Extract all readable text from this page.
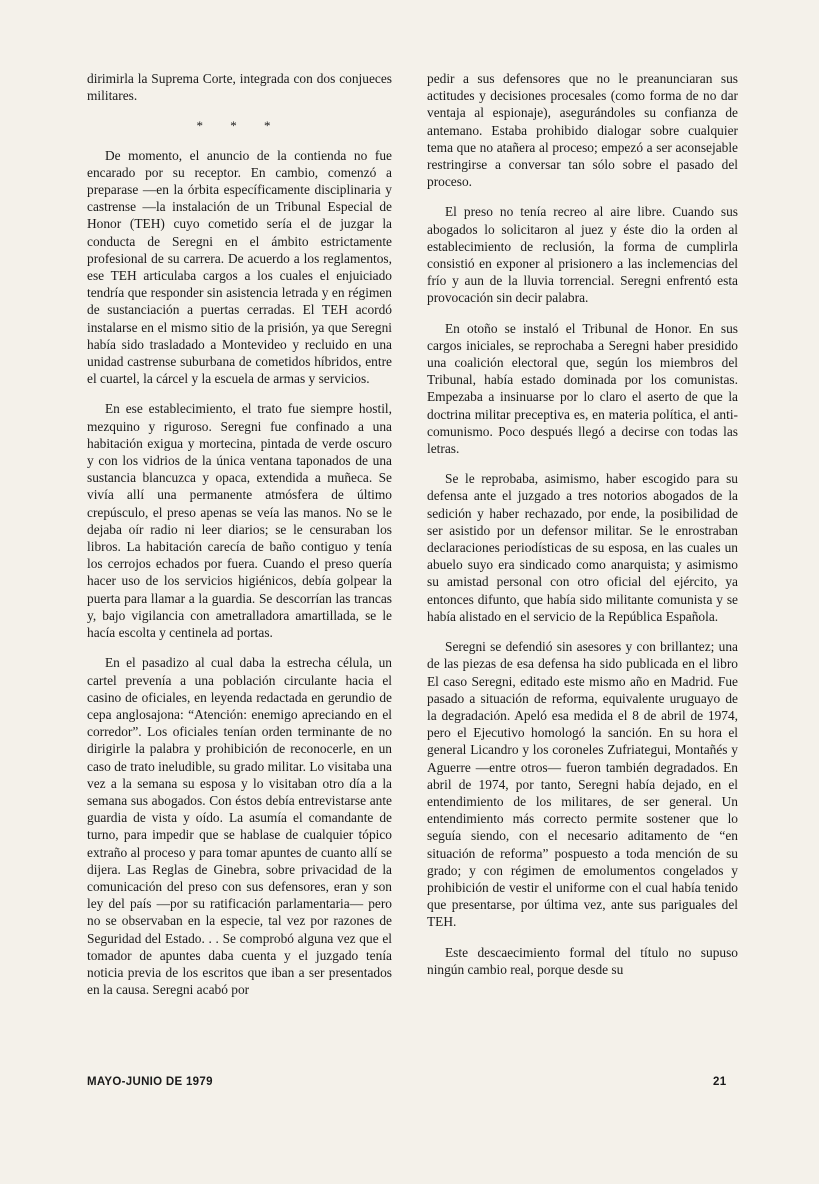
dirimirla la Suprema Corte, integrada con dos conjueces militares.

* * *

De momento, el anuncio de la contienda no fue encarado por su receptor. En cambio, comenzó a preparase —en la órbita específicamente disciplinaria y castrense —la instalación de un Tribunal Especial de Honor (TEH) cuyo cometido sería el de juzgar la conducta de Seregni en el ámbito estrictamente profesional de su carrera. De acuerdo a los reglamentos, ese TEH articulaba cargos a los cuales el enjuiciado tendría que responder sin asistencia letrada y en régimen de sustanciación a puertas cerradas. El TEH acordó instalarse en el mismo sitio de la prisión, ya que Seregni había sido trasladado a Montevideo y recluido en una unidad castrense suburbana de cometidos híbridos, entre el cuartel, la cárcel y la escuela de armas y servicios.

En ese establecimiento, el trato fue siempre hostil, mezquino y riguroso. Seregni fue confinado a una habitación exigua y mortecina, pintada de verde oscuro y con los vidrios de la única ventana taponados de una sustancia blancuzca y opaca, extendida a muñeca. Se vivía allí una permanente atmósfera de último crepúsculo, el preso apenas se veía las manos. No se le dejaba oír radio ni leer diarios; se le censuraban los libros. La habitación carecía de baño contiguo y tenía los cerrojos echados por fuera. Cuando el preso quería hacer uso de los servicios higiénicos, debía golpear la puerta para llamar a la guardia. Se descorrían las trancas y, bajo vigilancia con ametralladora amartillada, se le hacía escolta y centinela ad portas.

En el pasadizo al cual daba la estrecha célula, un cartel prevenía a una población circulante hacia el casino de oficiales, en leyenda redactada en gerundio de cepa anglosajona: “Atención: enemigo apreciando en el corredor”. Los oficiales tenían orden terminante de no dirigirle la palabra y prohibición de reconocerle, en un caso de trato ineludible, su grado militar. Lo visitaba una vez a la semana su esposa y lo visitaban otro día a la semana sus abogados. Con éstos debía entrevistarse ante guardia de vista y oído. La asumía el comandante de turno, para impedir que se hablase de cualquier tópico extraño al proceso y para tomar apuntes de cuanto allí se dijera. Las Reglas de Ginebra, sobre privacidad de la comunicación del preso con sus defensores, eran y son ley del país —por su ratificación parlamentaria— pero no se observaban en la especie, tal vez por razones de Seguridad del Estado. . . Se comprobó alguna vez que el tomador de apuntes daba cuenta y el juzgado tenía noticia previa de los escritos que iban a ser presentados en la causa. Seregni acabó por

pedir a sus defensores que no le preanunciaran sus actitudes y decisiones procesales (como forma de no dar ventaja al espionaje), asegurándoles su confianza de antemano. Estaba prohibido dialogar sobre cualquier tema que no atañera al proceso; empezó a ser aconsejable restringirse a conversar tan sólo sobre el pasado del proceso.

El preso no tenía recreo al aire libre. Cuando sus abogados lo solicitaron al juez y éste dio la orden al establecimiento de reclusión, la forma de cumplirla consistió en exponer al prisionero a las inclemencias del frío y aun de la lluvia torrencial. Seregni enfrentó esta provocación sin decir palabra.

En otoño se instaló el Tribunal de Honor. En sus cargos iniciales, se reprochaba a Seregni haber presidido una coalición electoral que, según los miembros del Tribunal, había estado dominada por los comunistas. Empezaba a insinuarse por lo claro el aserto de que la doctrina militar preceptiva es, en materia política, el anti-comunismo. Poco después llegó a decirse con todas las letras.

Se le reprobaba, asimismo, haber escogido para su defensa ante el juzgado a tres notorios abogados de la sedición y haber rechazado, por ende, la posibilidad de ser asistido por un defensor militar. Se le enrostraban declaraciones periodísticas de su esposa, en las cuales un abuelo suyo era sindicado como anarquista; y asimismo su amistad personal con otro oficial del ejército, ya entonces difunto, que había sido militante comunista y se había alistado en el servicio de la República Española.

Seregni se defendió sin asesores y con brillantez; una de las piezas de esa defensa ha sido publicada en el libro El caso Seregni, editado este mismo año en Madrid. Fue pasado a situación de reforma, equivalente uruguayo de la degradación. Apeló esa medida el 8 de abril de 1974, pero el Ejecutivo homologó la sanción. En su hora el general Licandro y los coroneles Zufriategui, Montañés y Aguerre —entre otros— fueron también degradados. En abril de 1974, por tanto, Seregni había dejado, en el entendimiento de los militares, de ser general. Un entendimiento más correcto permite sostener que lo seguía siendo, con el necesario aditamento de “en situación de reforma” pospuesto a toda mención de su grado; y con régimen de emolumentos congelados y prohibición de vestir el uniforme con el cual había tenido que presentarse, por última vez, ante sus pariguales del TEH.

Este descaecimiento formal del título no supuso ningún cambio real, porque desde su

MAYO-JUNIO DE 1979	21
